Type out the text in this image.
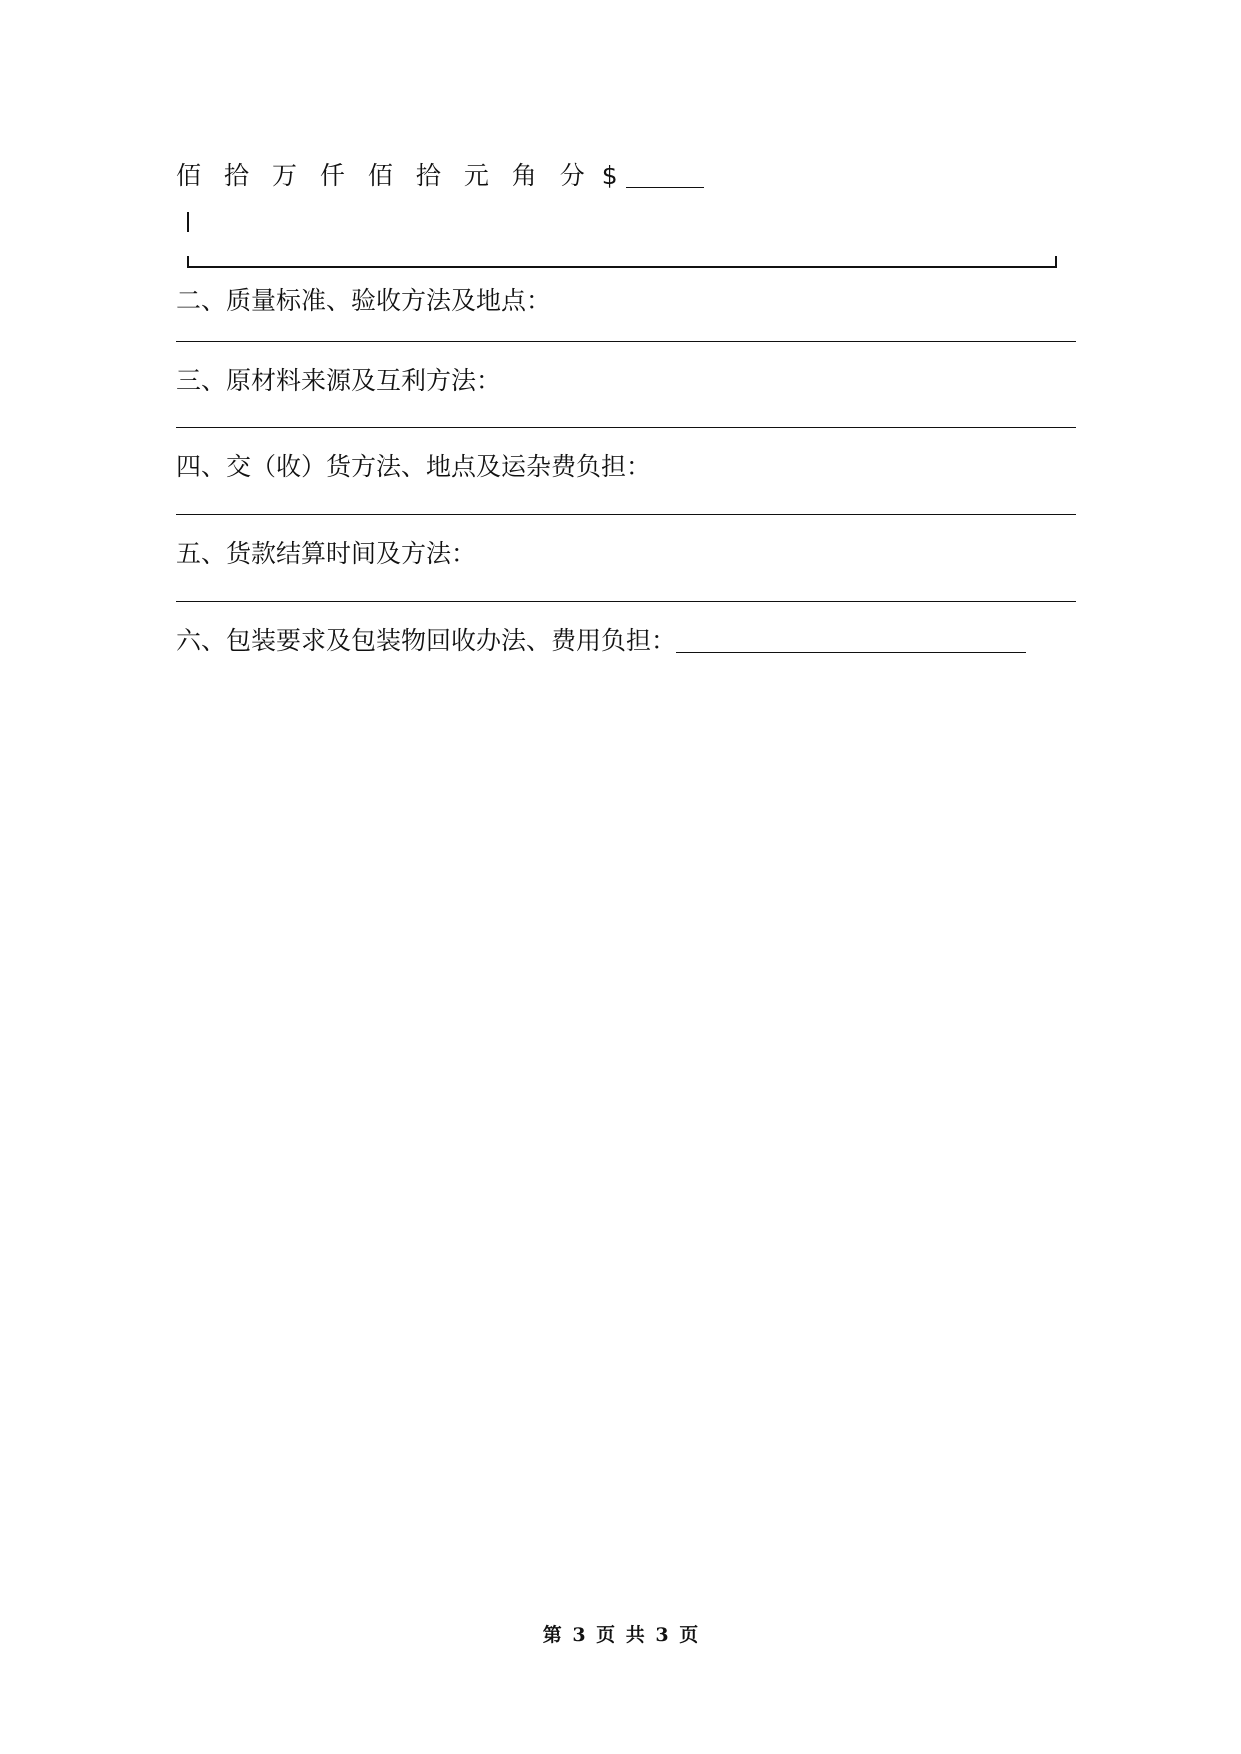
佰 拾 万 仟 佰 拾 元 角 分 $
二、质量标准、验收方法及地点：
三、原材料来源及互利方法：
四、交（收）货方法、地点及运杂费负担：
五、货款结算时间及方法：
六、包装要求及包装物回收办法、费用负担：
第 3 页 共 3 页
